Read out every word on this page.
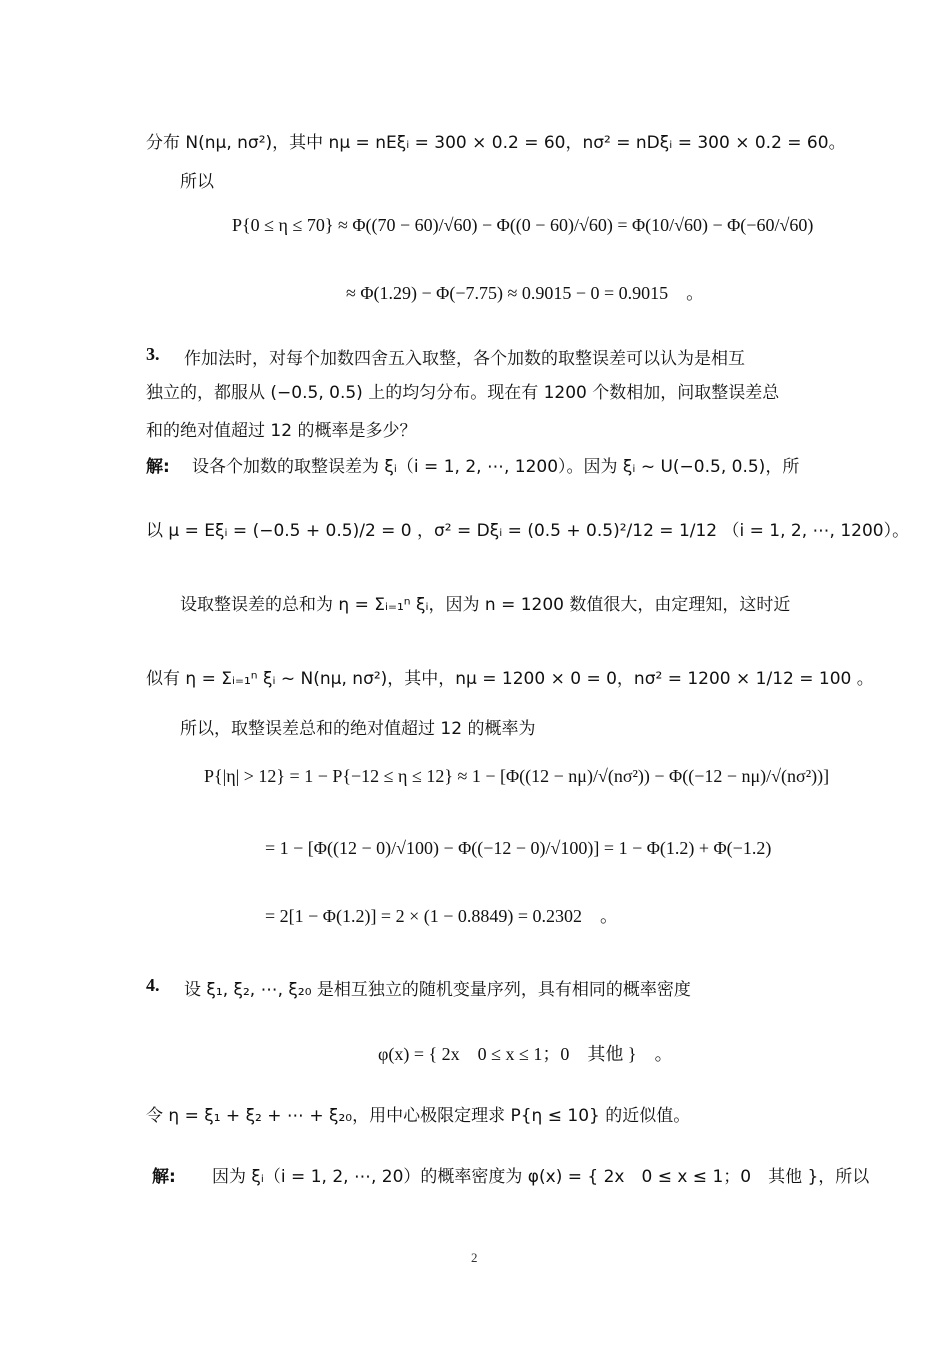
分布 N(nμ, nσ²)，其中 nμ = nEξᵢ = 300 × 0.2 = 60，nσ² = nDξᵢ = 300 × 0.2 = 60。
所以
P{0 ≤ η ≤ 70} ≈ Φ((70 − 60)/√60) − Φ((0 − 60)/√60) = Φ(10/√60) − Φ(−60/√60)
≈ Φ(1.29) − Φ(−7.75) ≈ 0.9015 − 0 = 0.9015　。
3. 作加法时，对每个加数四舍五入取整，各个加数的取整误差可以认为是相互
独立的，都服从 (−0.5, 0.5) 上的均匀分布。现在有 1200 个数相加，问取整误差总
和的绝对值超过 12 的概率是多少？
解: 设各个加数的取整误差为 ξᵢ（i = 1, 2, ⋯, 1200）。因为 ξᵢ ~ U(−0.5, 0.5)，所
以 μ = Eξᵢ = (−0.5 + 0.5)/2 = 0 ，σ² = Dξᵢ = (0.5 + 0.5)²/12 = 1/12 （i = 1, 2, ⋯, 1200）。
设取整误差的总和为 η = Σᵢ₌₁ⁿ ξᵢ，因为 n = 1200 数值很大，由定理知，这时近
似有 η = Σᵢ₌₁ⁿ ξᵢ ~ N(nμ, nσ²)，其中，nμ = 1200 × 0 = 0，nσ² = 1200 × 1/12 = 100 。
所以，取整误差总和的绝对值超过 12 的概率为
P{|η| > 12} = 1 − P{−12 ≤ η ≤ 12} ≈ 1 − [Φ((12 − nμ)/√(nσ²)) − Φ((−12 − nμ)/√(nσ²))]
= 1 − [Φ((12 − 0)/√100) − Φ((−12 − 0)/√100)] = 1 − Φ(1.2) + Φ(−1.2)
= 2[1 − Φ(1.2)] = 2 × (1 − 0.8849) = 0.2302　。
4. 设 ξ₁, ξ₂, ⋯, ξ₂₀ 是相互独立的随机变量序列，具有相同的概率密度
φ(x) = { 2x　0 ≤ x ≤ 1；0　其他 }　。
令 η = ξ₁ + ξ₂ + ⋯ + ξ₂₀，用中心极限定理求 P{η ≤ 10} 的近似值。
解: 因为 ξᵢ（i = 1, 2, ⋯, 20）的概率密度为 φ(x) = { 2x　0 ≤ x ≤ 1；0　其他 }，所以
2
